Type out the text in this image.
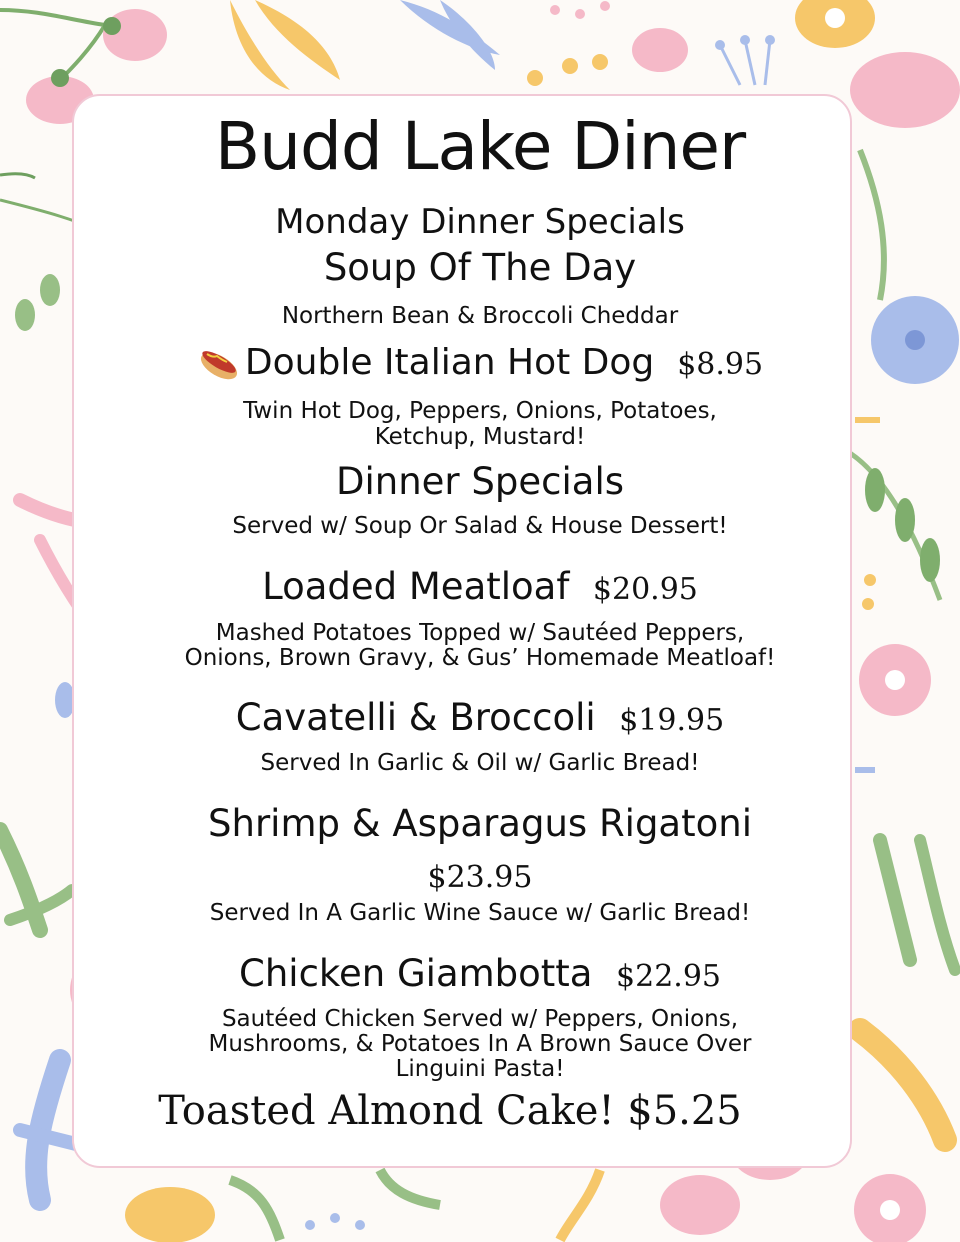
Budd Lake Diner
Monday Dinner Specials
Soup Of The Day
Northern Bean & Broccoli Cheddar
Double Italian Hot Dog $8.95
Twin Hot Dog, Peppers, Onions, Potatoes,
Ketchup, Mustard!
Dinner Specials
Served w/ Soup Or Salad & House Dessert!
Loaded Meatloaf $20.95
Mashed Potatoes Topped w/ Sautéed Peppers,
Onions, Brown Gravy, & Gus’ Homemade Meatloaf!
Cavatelli & Broccoli $19.95
Served In Garlic & Oil w/ Garlic Bread!
Shrimp & Asparagus Rigatoni
$23.95
Served In A Garlic Wine Sauce w/ Garlic Bread!
Chicken Giambotta $22.95
Sautéed Chicken Served w/ Peppers, Onions,
Mushrooms, & Potatoes In A Brown Sauce Over
Linguini Pasta!
Toasted Almond Cake! $5.25
